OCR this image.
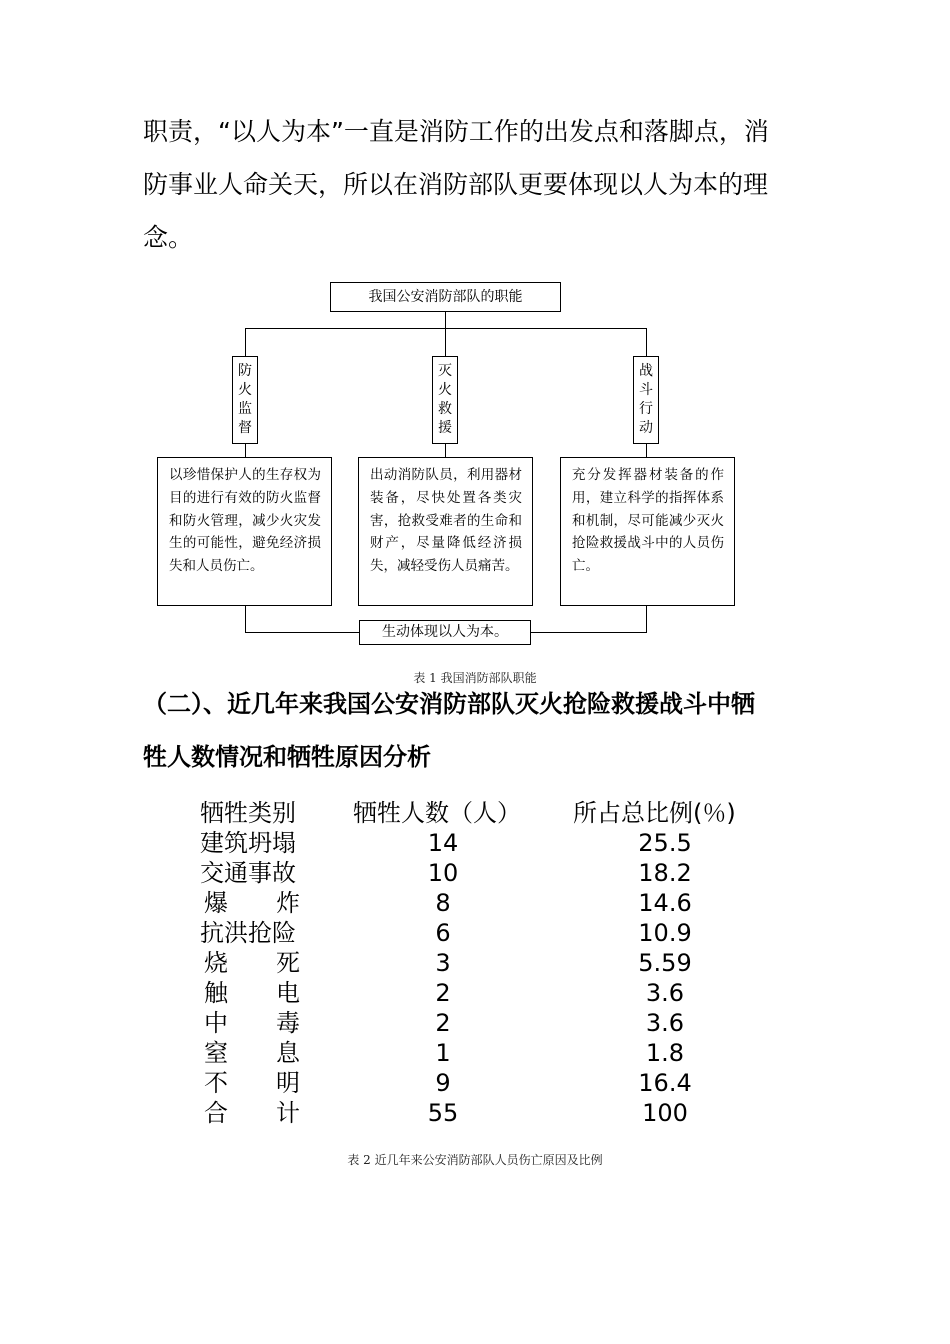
职责，“以人为本”一直是消防工作的出发点和落脚点，消
防事业人命关天，所以在消防部队更要体现以人为本的理
念。
我国公安消防部队的职能
防
火
监
督
灭
火
救
援
战
斗
行
动
以珍惜保护人的生存权为目的进行有效的防火监督和防火管理，减少火灾发生的可能性，避免经济损失和人员伤亡。
出动消防队员，利用器材装备，尽快处置各类灾害，抢救受难者的生命和财产，尽量降低经济损失，减轻受伤人员痛苦。
充分发挥器材装备的作用，建立科学的指挥体系和机制，尽可能减少灭火抢险救援战斗中的人员伤亡。
生动体现以人为本。
表 1 我国消防部队职能
（二）、近几年来我国公安消防部队灭火抢险救援战斗中牺
牲人数情况和牺牲原因分析
牺牲类别	牺牲人数（人） 所占总比例(％)
建筑坍塌	14	25.5
交通事故	10	18.2
爆 炸	8	14.6
抗洪抢险	6	10.9
烧 死	3	5.59
触 电	2	3.6
中 毒	2	3.6
窒 息	1	1.8
不 明	9	16.4
合 计	55	100
表 2 近几年来公安消防部队人员伤亡原因及比例
